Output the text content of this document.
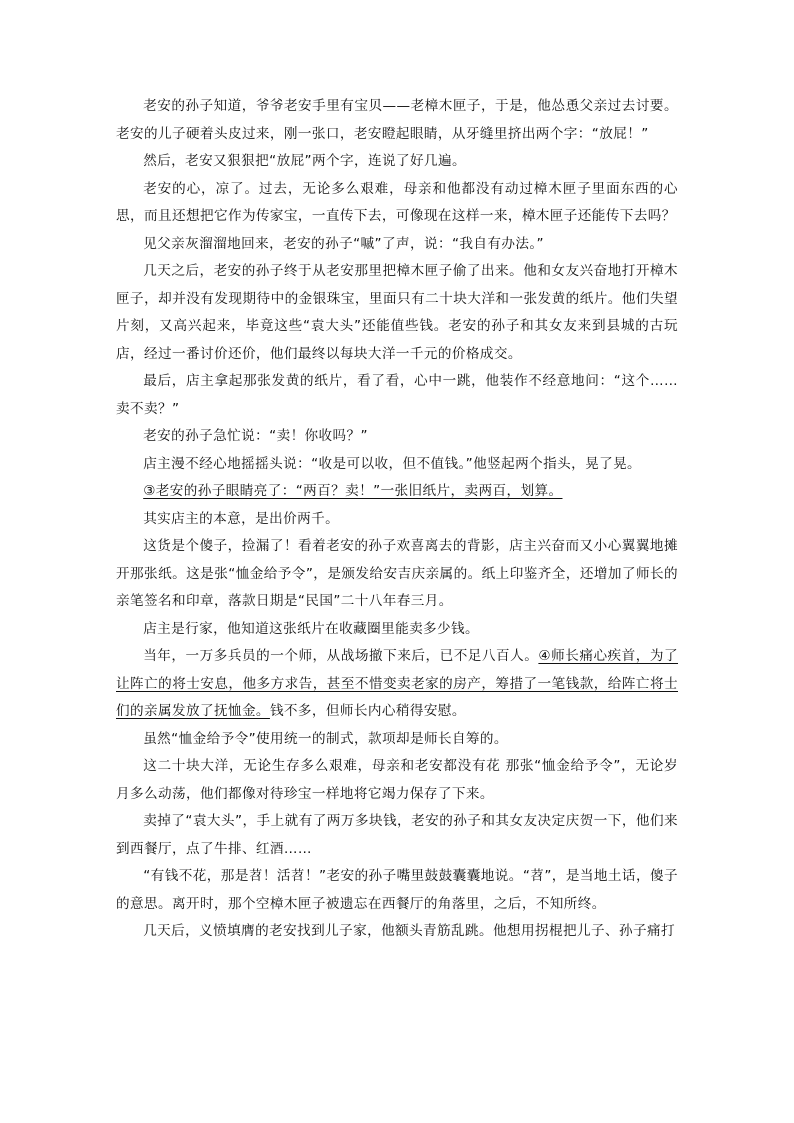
老安的孙子知道，爷爷老安手里有宝贝——老樟木匣子，于是，他怂恿父亲过去讨要。老安的儿子硬着头皮过来，刚一张口，老安瞪起眼睛，从牙缝里挤出两个字：“放屁！”

然后，老安又狠狠把“放屁”两个字，连说了好几遍。

老安的心，凉了。过去，无论多么艰难，母亲和他都没有动过樟木匣子里面东西的心思，而且还想把它作为传家宝，一直传下去，可像现在这样一来，樟木匣子还能传下去吗？

见父亲灰溜溜地回来，老安的孙子“嘁”了声，说：“我自有办法。”

几天之后，老安的孙子终于从老安那里把樟木匣子偷了出来。他和女友兴奋地打开樟木匣子，却并没有发现期待中的金银珠宝，里面只有二十块大洋和一张发黄的纸片。他们失望片刻，又高兴起来，毕竟这些“袁大头”还能值些钱。老安的孙子和其女友来到县城的古玩店，经过一番讨价还价，他们最终以每块大洋一千元的价格成交。

最后，店主拿起那张发黄的纸片，看了看，心中一跳，他装作不经意地问：“这个……卖不卖？”

老安的孙子急忙说：“卖！你收吗？”

店主漫不经心地摇摇头说：“收是可以收，但不值钱。”他竖起两个指头，晃了晃。

③老安的孙子眼睛亮了：“两百？卖！”一张旧纸片，卖两百，划算。

其实店主的本意，是出价两千。

这货是个傻子，捡漏了！看着老安的孙子欢喜离去的背影，店主兴奋而又小心翼翼地摊开那张纸。这是张“恤金给予令”，是颁发给安吉庆亲属的。纸上印鉴齐全，还增加了师长的亲笔签名和印章，落款日期是“民国”二十八年春三月。

店主是行家，他知道这张纸片在收藏圈里能卖多少钱。

当年，一万多兵员的一个师，从战场撤下来后，已不足八百人。④师长痛心疾首，为了让阵亡的将士安息，他多方求告，甚至不惜变卖老家的房产，筹措了一笔钱款，给阵亡将士们的亲属发放了抚恤金。钱不多，但师长内心稍得安慰。

虽然“恤金给予令”使用统一的制式，款项却是师长自筹的。

这二十块大洋，无论生存多么艰难，母亲和老安都没有花 那张“恤金给予令”，无论岁月多么动荡，他们都像对待珍宝一样地将它竭力保存了下来。

卖掉了“袁大头”，手上就有了两万多块钱，老安的孙子和其女友决定庆贺一下，他们来到西餐厅，点了牛排、红酒……

“有钱不花，那是苕！活苕！”老安的孙子嘴里鼓鼓囊囊地说。“苕”，是当地土话，傻子的意思。离开时，那个空樟木匣子被遗忘在西餐厅的角落里，之后，不知所终。

几天后，义愤填膺的老安找到儿子家，他额头青筋乱跳。他想用拐棍把儿子、孙子痛打
